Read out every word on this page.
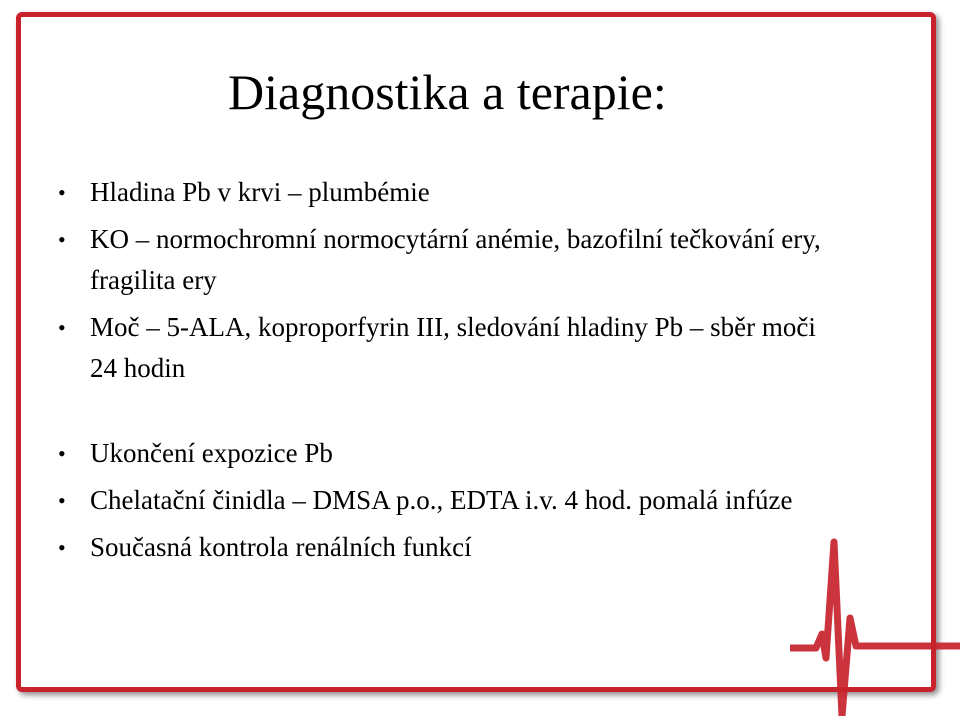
Diagnostika a terapie:
• Hladina Pb v krvi – plumbémie
• KO – normochromní normocytární anémie, bazofilní tečkování ery, fragilita ery
• Moč – 5-ALA, koproporfyrin III, sledování hladiny Pb – sběr moči 24 hodin
• Ukončení expozice Pb
• Chelatační činidla – DMSA p.o., EDTA i.v. 4 hod. pomalá infúze
• Současná kontrola renálních funkcí
